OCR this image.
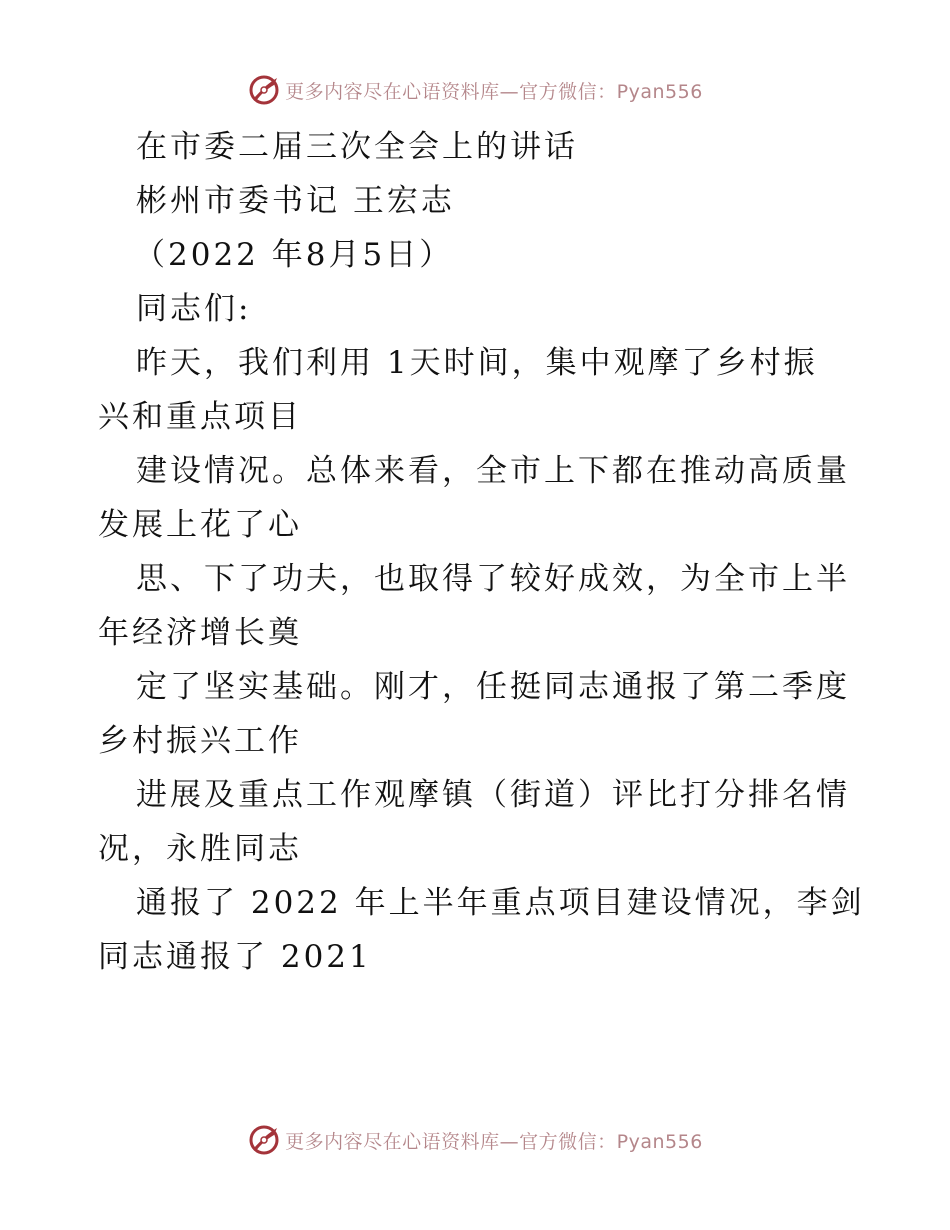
更多内容尽在心语资料库—官方微信：Pyan556
在市委二届三次全会上的讲话
彬州市委书记 王宏志
（2022 年8月5日）
同志们:
昨天，我们利用 1天时间，集中观摩了乡村振
兴和重点项目
建设情况。总体来看，全市上下都在推动高质量
发展上花了心
思、下了功夫，也取得了较好成效，为全市上半
年经济增长奠
定了坚实基础。刚才，任挺同志通报了第二季度
乡村振兴工作
进展及重点工作观摩镇（街道）评比打分排名情
况，永胜同志
通报了 2022 年上半年重点项目建设情况，李剑
同志通报了 2021
更多内容尽在心语资料库—官方微信：Pyan556
